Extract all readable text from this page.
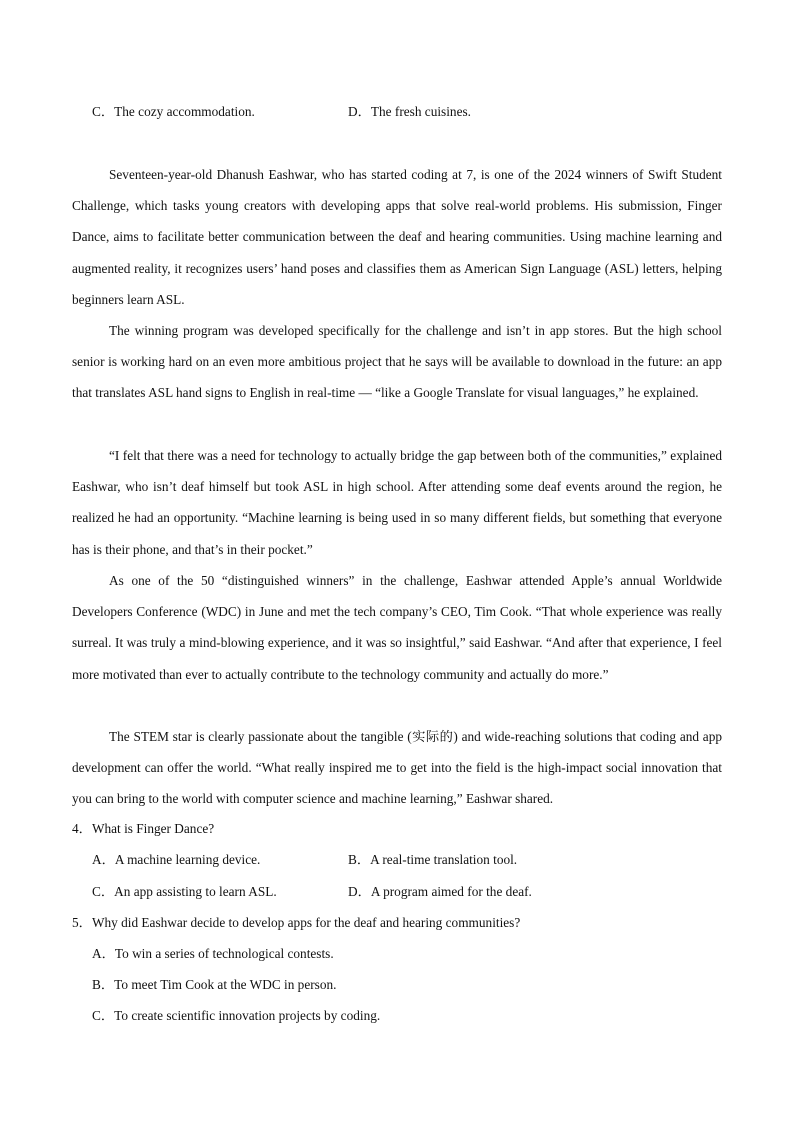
C．The cozy accommodation.	D．The fresh cuisines.

Seventeen-year-old Dhanush Eashwar, who has started coding at 7, is one of the 2024 winners of Swift Student Challenge, which tasks young creators with developing apps that solve real-world problems. His submission, Finger Dance, aims to facilitate better communication between the deaf and hearing communities. Using machine learning and augmented reality, it recognizes users’ hand poses and classifies them as American Sign Language (ASL) letters, helping beginners learn ASL.

The winning program was developed specifically for the challenge and isn’t in app stores. But the high school senior is working hard on an even more ambitious project that he says will be available to download in the future: an app that translates ASL hand signs to English in real-time — “like a Google Translate for visual languages,” he explained.

“I felt that there was a need for technology to actually bridge the gap between both of the communities,” explained Eashwar, who isn’t deaf himself but took ASL in high school. After attending some deaf events around the region, he realized he had an opportunity. “Machine learning is being used in so many different fields, but something that everyone has is their phone, and that’s in their pocket.”

As one of the 50 “distinguished winners” in the challenge, Eashwar attended Apple’s annual Worldwide Developers Conference (WDC) in June and met the tech company’s CEO, Tim Cook. “That whole experience was really surreal. It was truly a mind-blowing experience, and it was so insightful,” said Eashwar. “And after that experience, I feel more motivated than ever to actually contribute to the technology community and actually do more.”

The STEM star is clearly passionate about the tangible (实际的) and wide-reaching solutions that coding and app development can offer the world. “What really inspired me to get into the field is the high-impact social innovation that you can bring to the world with computer science and machine learning,” Eashwar shared.

4．What is Finger Dance?
A．A machine learning device.	B．A real-time translation tool.
C．An app assisting to learn ASL.	D．A program aimed for the deaf.
5．Why did Eashwar decide to develop apps for the deaf and hearing communities?
A．To win a series of technological contests.
B．To meet Tim Cook at the WDC in person.
C．To create scientific innovation projects by coding.
